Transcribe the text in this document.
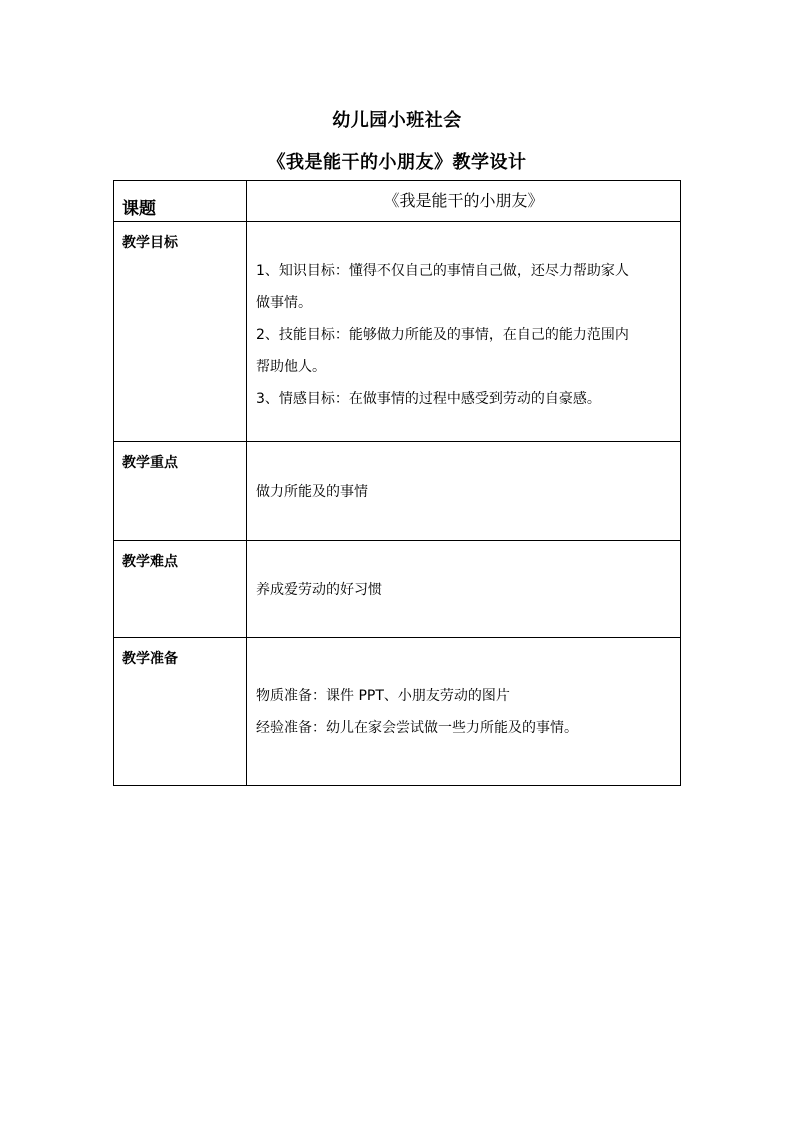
幼儿园小班社会
《我是能干的小朋友》教学设计
课题	《我是能干的小朋友》
教学目标	1、知识目标：懂得不仅自己的事情自己做，还尽力帮助家人
做事情。
2、技能目标：能够做力所能及的事情，在自己的能力范围内
帮助他人。
3、情感目标：在做事情的过程中感受到劳动的自豪感。

教学重点	做力所能及的事情

教学难点	养成爱劳动的好习惯

教学准备	物质准备：课件 PPT、小朋友劳动的图片
经验准备：幼儿在家会尝试做一些力所能及的事情。
